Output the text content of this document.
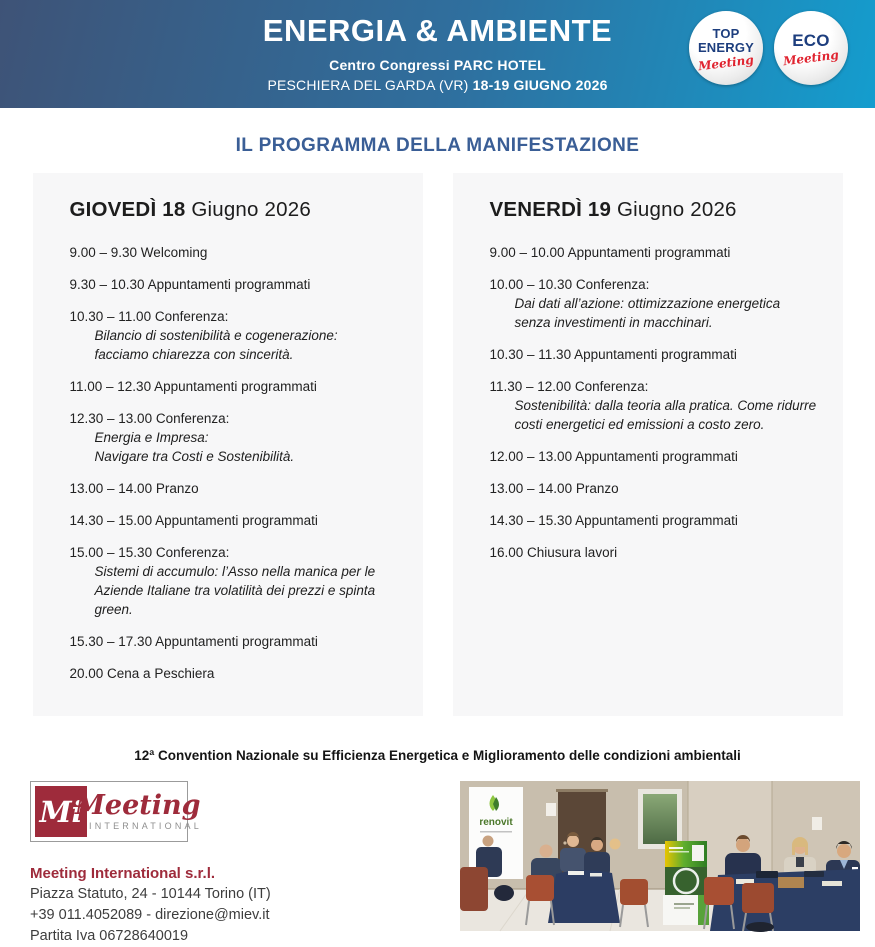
ENERGIA & AMBIENTE
Centro Congressi PARC HOTEL
PESCHIERA DEL GARDA (VR) 18-19 GIUGNO 2026
TOP
ENERGY
Meeting
ECO
Meeting
IL PROGRAMMA DELLA MANIFESTAZIONE
GIOVEDÌ 18 Giugno 2026
9.00 – 9.30 Welcoming
9.30 – 10.30 Appuntamenti programmati
10.30 – 11.00 Conferenza:
Bilancio di sostenibilità e cogenerazione:
facciamo chiarezza con sincerità.
11.00 – 12.30 Appuntamenti programmati
12.30 – 13.00 Conferenza:
Energia e Impresa:
Navigare tra Costi e Sostenibilità.
13.00 – 14.00 Pranzo
14.30 – 15.00 Appuntamenti programmati
15.00 – 15.30 Conferenza:
Sistemi di accumulo: l’Asso nella manica per le
Aziende Italiane tra volatilità dei prezzi e spinta green.
15.30 – 17.30 Appuntamenti programmati
20.00 Cena a Peschiera
VENERDÌ 19 Giugno 2026
9.00 – 10.00 Appuntamenti programmati
10.00 – 10.30 Conferenza:
Dai dati all’azione: ottimizzazione energetica
senza investimenti in macchinari.
10.30 – 11.30 Appuntamenti programmati
11.30 – 12.00 Conferenza:
Sostenibilità: dalla teoria alla pratica. Come ridurre
costi energetici ed emissioni a costo zero.
12.00 – 13.00 Appuntamenti programmati
13.00 – 14.00 Pranzo
14.30 – 15.30 Appuntamenti programmati
16.00 Chiusura lavori
12ª Convention Nazionale su Efficienza Energetica e Miglioramento delle condizioni ambientali
Mi
Meeting
INTERNATIONAL
Meeting International s.r.l.
Piazza Statuto, 24 - 10144 Torino (IT)
+39 011.4052089 - direzione@miev.it
Partita Iva 06728640019
renovit
